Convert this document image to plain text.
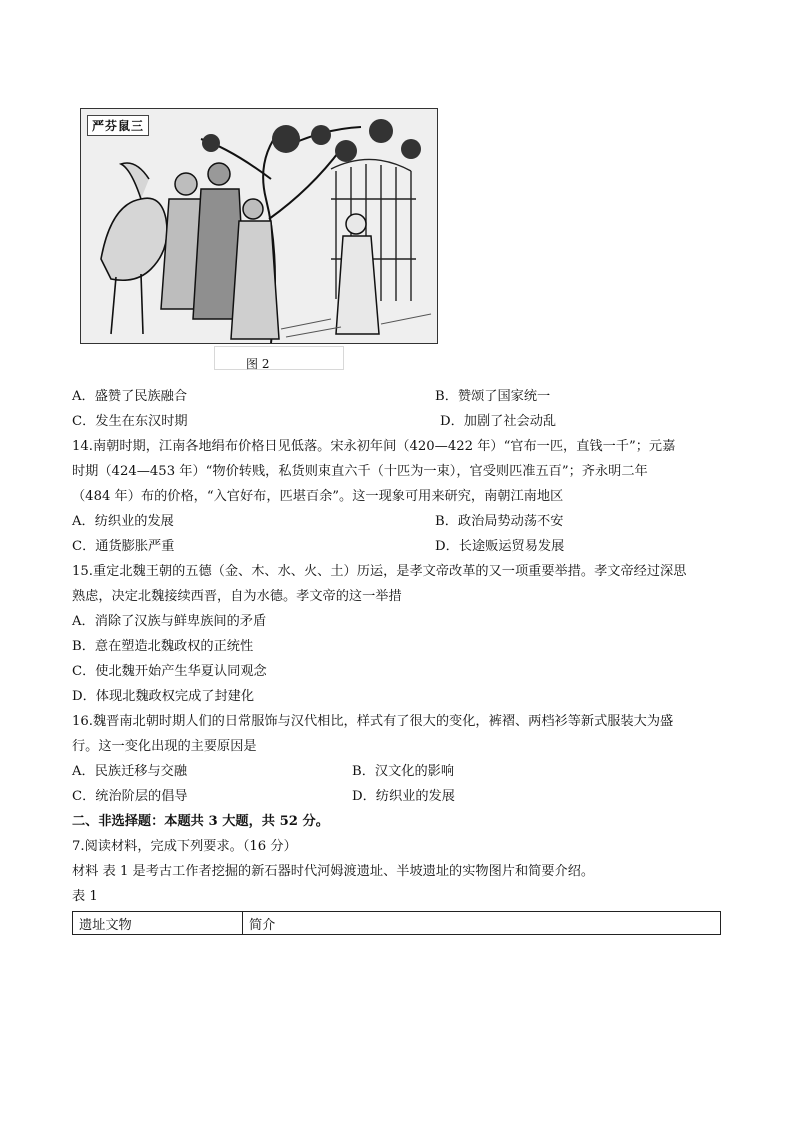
严芬鼠三
图 2
A．盛赞了民族融合	B．赞颂了国家统一
C．发生在东汉时期	D．加剧了社会动乱
14.南朝时期，江南各地绢布价格日见低落。宋永初年间（420—422 年）“官布一匹，直钱一千”；元嘉
时期（424—453 年）“物价转贱，私货则束直六千（十匹为一束），官受则匹准五百”；齐永明二年
（484 年）布的价格，“入官好布，匹堪百余”。这一现象可用来研究，南朝江南地区
A．纺织业的发展	B．政治局势动荡不安
C．通货膨胀严重	D．长途贩运贸易发展
15.重定北魏王朝的五德（金、木、水、火、土）历运，是孝文帝改革的又一项重要举措。孝文帝经过深思
熟虑，决定北魏接续西晋，自为水德。孝文帝的这一举措
A．消除了汉族与鲜卑族间的矛盾
B．意在塑造北魏政权的正统性
C．使北魏开始产生华夏认同观念
D．体现北魏政权完成了封建化
16.魏晋南北朝时期人们的日常服饰与汉代相比，样式有了很大的变化，裤褶、两档衫等新式服装大为盛
行。这一变化出现的主要原因是
A．民族迁移与交融	B．汉文化的影响
C．统治阶层的倡导	D．纺织业的发展
二、非选择题：本题共 3 大题，共 52 分。
7.阅读材料，完成下列要求。（16 分）
材料 表 1 是考古工作者挖掘的新石器时代河姆渡遗址、半坡遗址的实物图片和简要介绍。
表 1
遗址文物	简介
